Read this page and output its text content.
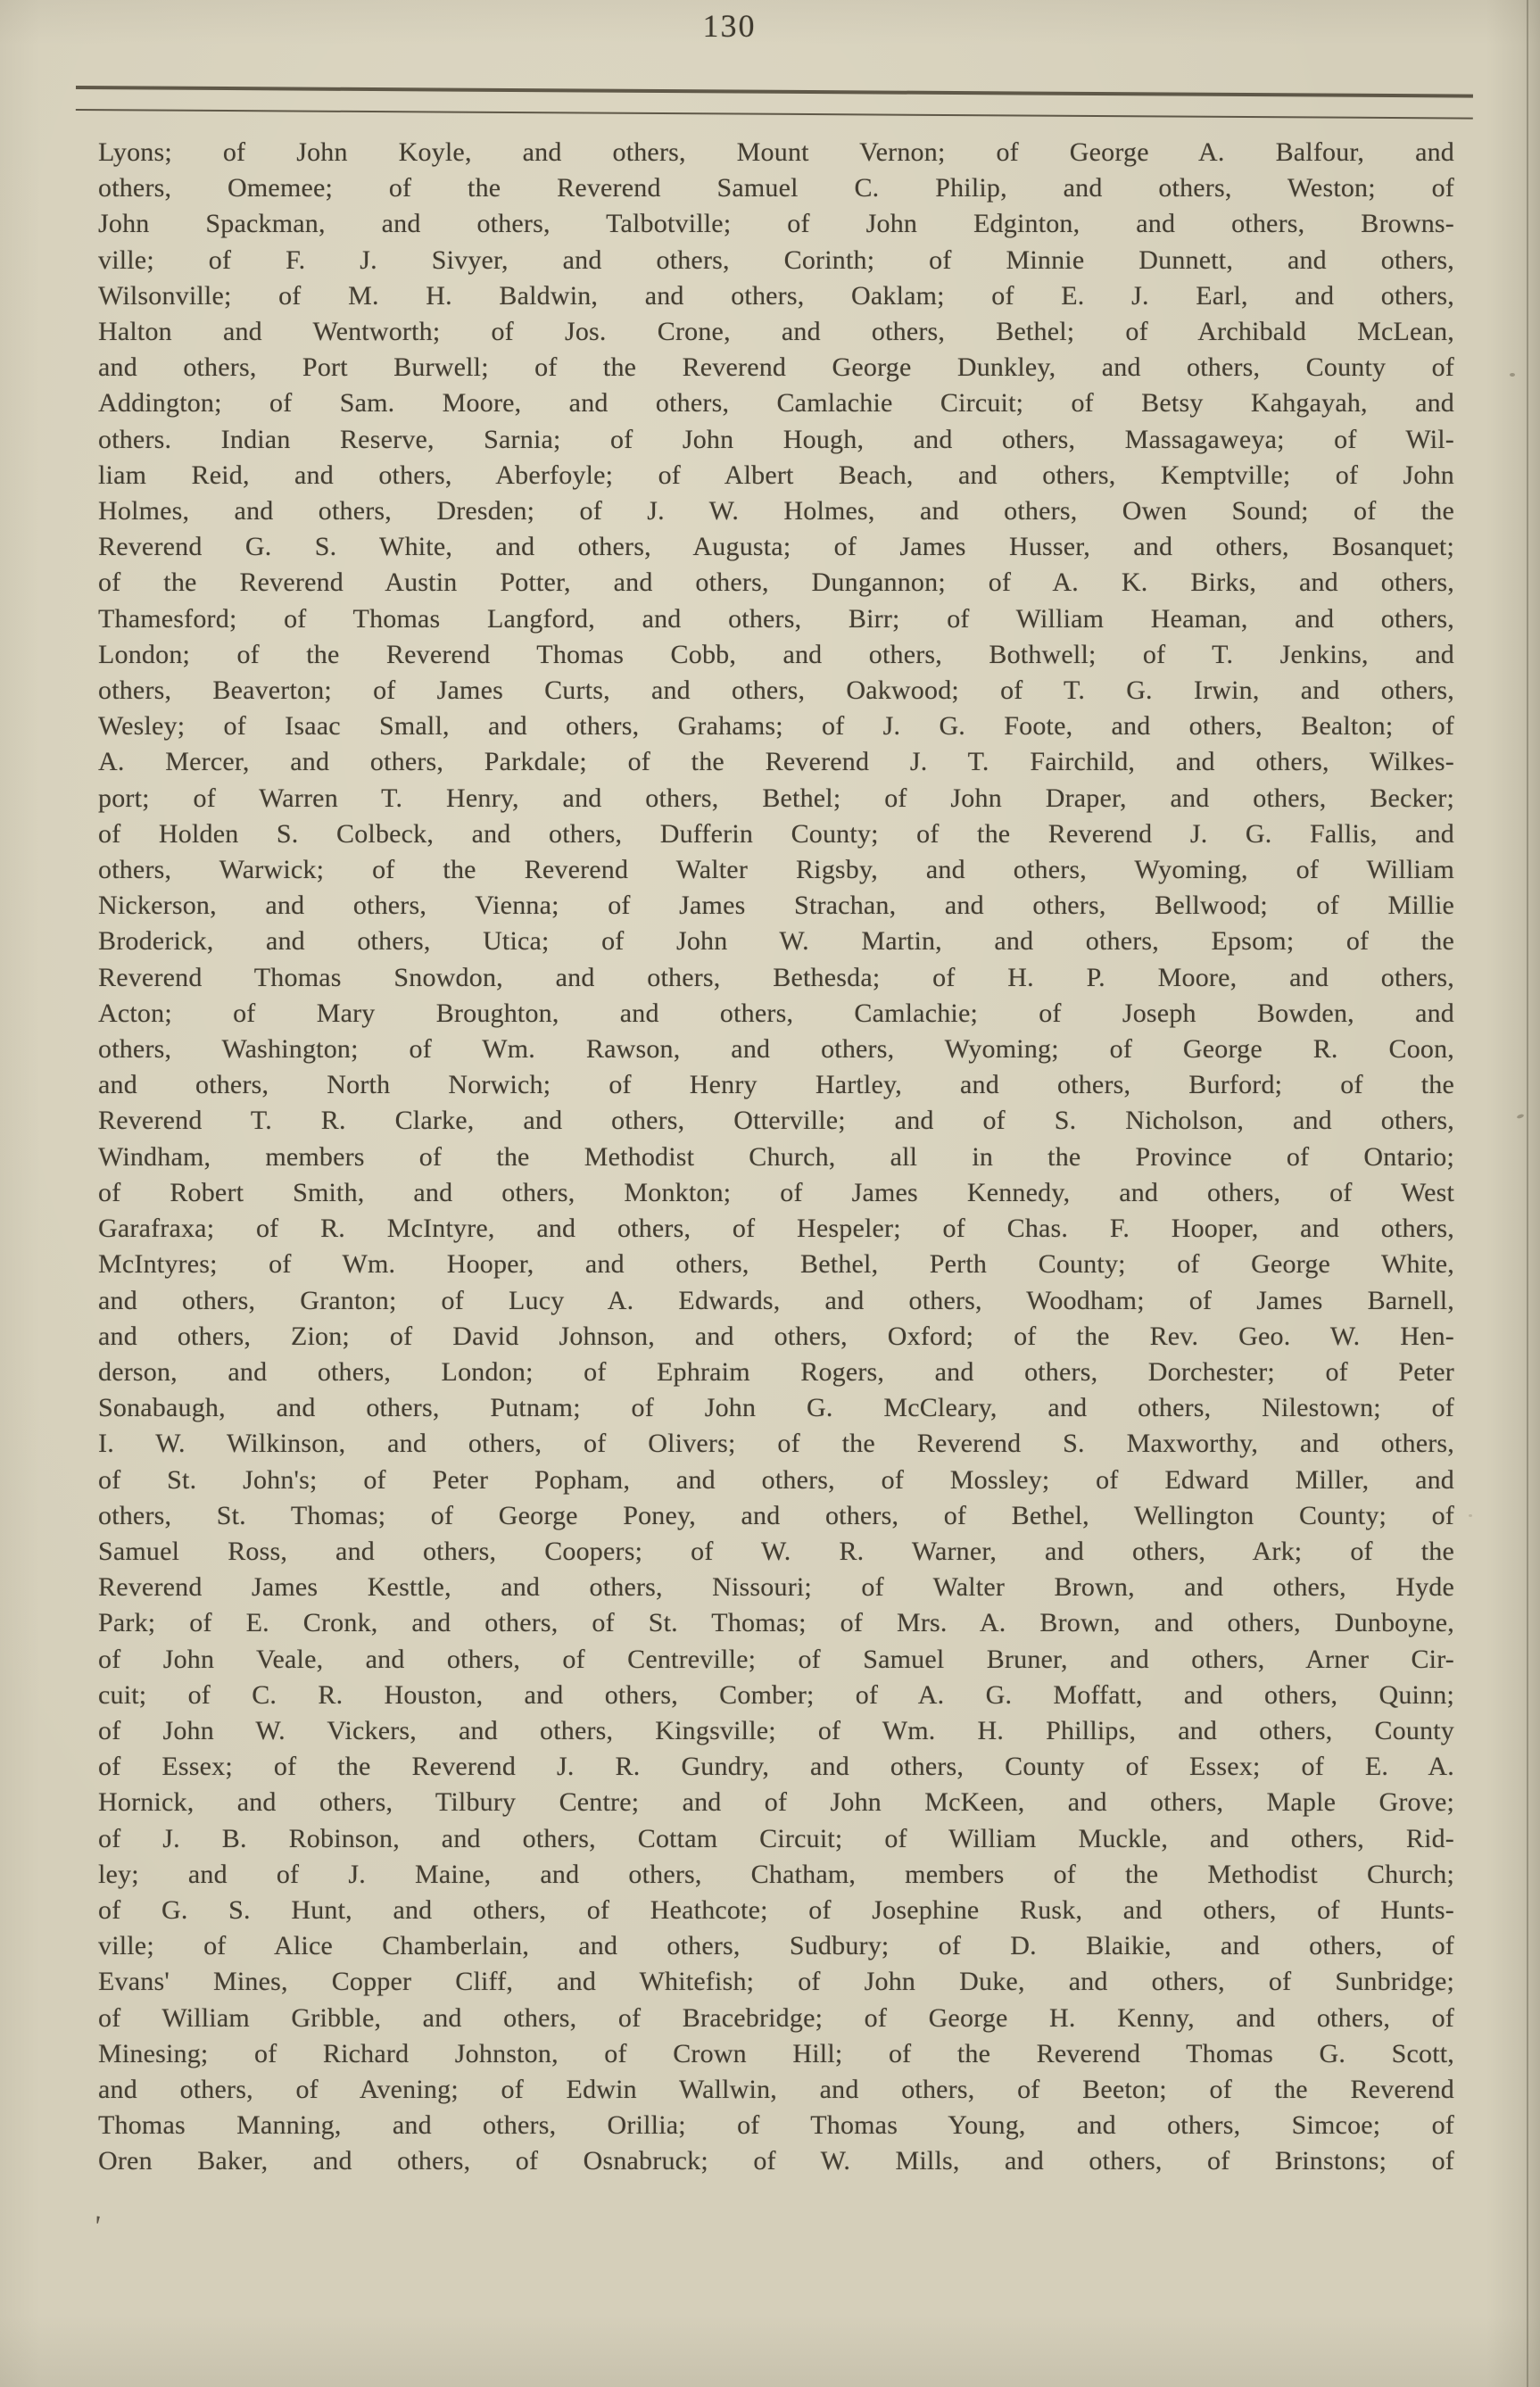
130
Lyons; of John Koyle, and others, Mount Vernon; of George A. Balfour, and
others, Omemee; of the Reverend Samuel C. Philip, and others, Weston; of
John Spackman, and others, Talbotville; of John Edginton, and others, Browns-
ville; of F. J. Sivyer, and others, Corinth; of Minnie Dunnett, and others,
Wilsonville; of M. H. Baldwin, and others, Oaklam; of E. J. Earl, and others,
Halton and Wentworth; of Jos. Crone, and others, Bethel; of Archibald McLean,
and others, Port Burwell; of the Reverend George Dunkley, and others, County of
Addington; of Sam. Moore, and others, Camlachie Circuit; of Betsy Kahgayah, and
others. Indian Reserve, Sarnia; of John Hough, and others, Massagaweya; of Wil-
liam Reid, and others, Aberfoyle; of Albert Beach, and others, Kemptville; of John
Holmes, and others, Dresden; of J. W. Holmes, and others, Owen Sound; of the
Reverend G. S. White, and others, Augusta; of James Husser, and others, Bosanquet;
of the Reverend Austin Potter, and others, Dungannon; of A. K. Birks, and others,
Thamesford; of Thomas Langford, and others, Birr; of William Heaman, and others,
London; of the Reverend Thomas Cobb, and others, Bothwell; of T. Jenkins, and
others, Beaverton; of James Curts, and others, Oakwood; of T. G. Irwin, and others,
Wesley; of Isaac Small, and others, Grahams; of J. G. Foote, and others, Bealton; of
A. Mercer, and others, Parkdale; of the Reverend J. T. Fairchild, and others, Wilkes-
port; of Warren T. Henry, and others, Bethel; of John Draper, and others, Becker;
of Holden S. Colbeck, and others, Dufferin County; of the Reverend J. G. Fallis, and
others, Warwick; of the Reverend Walter Rigsby, and others, Wyoming, of William
Nickerson, and others, Vienna; of James Strachan, and others, Bellwood; of Millie
Broderick, and others, Utica; of John W. Martin, and others, Epsom; of the
Reverend Thomas Snowdon, and others, Bethesda; of H. P. Moore, and others,
Acton; of Mary Broughton, and others, Camlachie; of Joseph Bowden, and
others, Washington; of Wm. Rawson, and others, Wyoming; of George R. Coon,
and others, North Norwich; of Henry Hartley, and others, Burford; of the
Reverend T. R. Clarke, and others, Otterville; and of S. Nicholson, and others,
Windham, members of the Methodist Church, all in the Province of Ontario;
of Robert Smith, and others, Monkton; of James Kennedy, and others, of West
Garafraxa; of R. McIntyre, and others, of Hespeler; of Chas. F. Hooper, and others,
McIntyres; of Wm. Hooper, and others, Bethel, Perth County; of George White,
and others, Granton; of Lucy A. Edwards, and others, Woodham; of James Barnell,
and others, Zion; of David Johnson, and others, Oxford; of the Rev. Geo. W. Hen-
derson, and others, London; of Ephraim Rogers, and others, Dorchester; of Peter
Sonabaugh, and others, Putnam; of John G. McCleary, and others, Nilestown; of
I. W. Wilkinson, and others, of Olivers; of the Reverend S. Maxworthy, and others,
of St. John's; of Peter Popham, and others, of Mossley; of Edward Miller, and
others, St. Thomas; of George Poney, and others, of Bethel, Wellington County; of
Samuel Ross, and others, Coopers; of W. R. Warner, and others, Ark; of the
Reverend James Kesttle, and others, Nissouri; of Walter Brown, and others, Hyde
Park; of E. Cronk, and others, of St. Thomas; of Mrs. A. Brown, and others, Dunboyne,
of John Veale, and others, of Centreville; of Samuel Bruner, and others, Arner Cir-
cuit; of C. R. Houston, and others, Comber; of A. G. Moffatt, and others, Quinn;
of John W. Vickers, and others, Kingsville; of Wm. H. Phillips, and others, County
of Essex; of the Reverend J. R. Gundry, and others, County of Essex; of E. A.
Hornick, and others, Tilbury Centre; and of John McKeen, and others, Maple Grove;
of J. B. Robinson, and others, Cottam Circuit; of William Muckle, and others, Rid-
ley; and of J. Maine, and others, Chatham, members of the Methodist Church;
of G. S. Hunt, and others, of Heathcote; of Josephine Rusk, and others, of Hunts-
ville; of Alice Chamberlain, and others, Sudbury; of D. Blaikie, and others, of
Evans' Mines, Copper Cliff, and Whitefish; of John Duke, and others, of Sunbridge;
of William Gribble, and others, of Bracebridge; of George H. Kenny, and others, of
Minesing; of Richard Johnston, of Crown Hill; of the Reverend Thomas G. Scott,
and others, of Avening; of Edwin Wallwin, and others, of Beeton; of the Reverend
Thomas Manning, and others, Orillia; of Thomas Young, and others, Simcoe; of
Oren Baker, and others, of Osnabruck; of W. Mills, and others, of Brinstons; of
'
